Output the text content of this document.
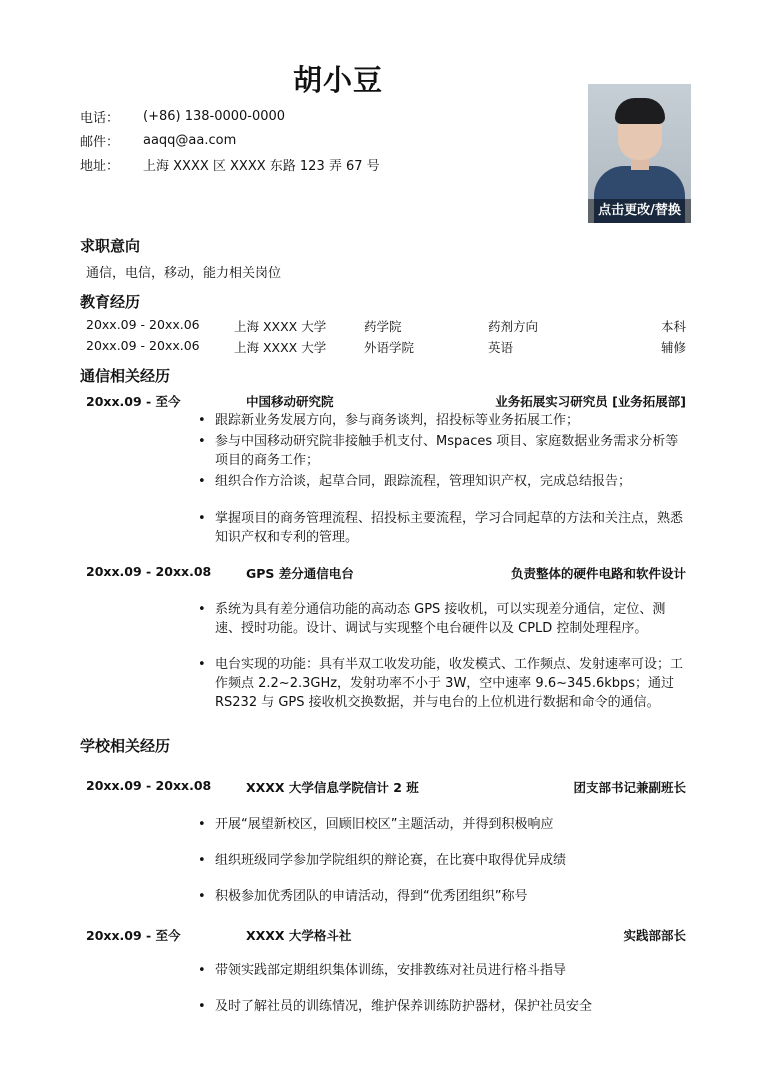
胡小豆
电话：	(+86) 138-0000-0000
邮件：	aaqq@aa.com
地址：	上海 XXXX 区 XXXX 东路 123 弄 67 号
点击更改/替换
求职意向
通信，电信，移动，能力相关岗位
教育经历
20xx.09 - 20xx.06	上海 XXXX 大学	药学院	药剂方向	本科
20xx.09 - 20xx.06	上海 XXXX 大学	外语学院	英语	辅修
通信相关经历
20xx.09 - 至今	中国移动研究院	业务拓展实习研究员 [业务拓展部]
• 跟踪新业务发展方向，参与商务谈判，招投标等业务拓展工作；
• 参与中国移动研究院非接触手机支付、Mspaces 项目、家庭数据业务需求分析等项目的商务工作；
• 组织合作方洽谈，起草合同，跟踪流程，管理知识产权，完成总结报告；
• 掌握项目的商务管理流程、招投标主要流程，学习合同起草的方法和关注点，熟悉知识产权和专利的管理。
20xx.09 - 20xx.08	GPS 差分通信电台	负责整体的硬件电路和软件设计
• 系统为具有差分通信功能的高动态 GPS 接收机，可以实现差分通信，定位、测速、授时功能。设计、调试与实现整个电台硬件以及 CPLD 控制处理程序。
• 电台实现的功能：具有半双工收发功能，收发模式、工作频点、发射速率可设；工作频点 2.2~2.3GHz，发射功率不小于 3W，空中速率 9.6~345.6kbps；通过 RS232 与 GPS 接收机交换数据，并与电台的上位机进行数据和命令的通信。
学校相关经历
20xx.09 - 20xx.08	XXXX 大学信息学院信计 2 班	团支部书记兼副班长
• 开展“展望新校区，回顾旧校区”主题活动，并得到积极响应
• 组织班级同学参加学院组织的辩论赛，在比赛中取得优异成绩
• 积极参加优秀团队的申请活动，得到“优秀团组织”称号
20xx.09 - 至今	XXXX 大学格斗社	实践部部长
• 带领实践部定期组织集体训练，安排教练对社员进行格斗指导
• 及时了解社员的训练情况，维护保养训练防护器材，保护社员安全
